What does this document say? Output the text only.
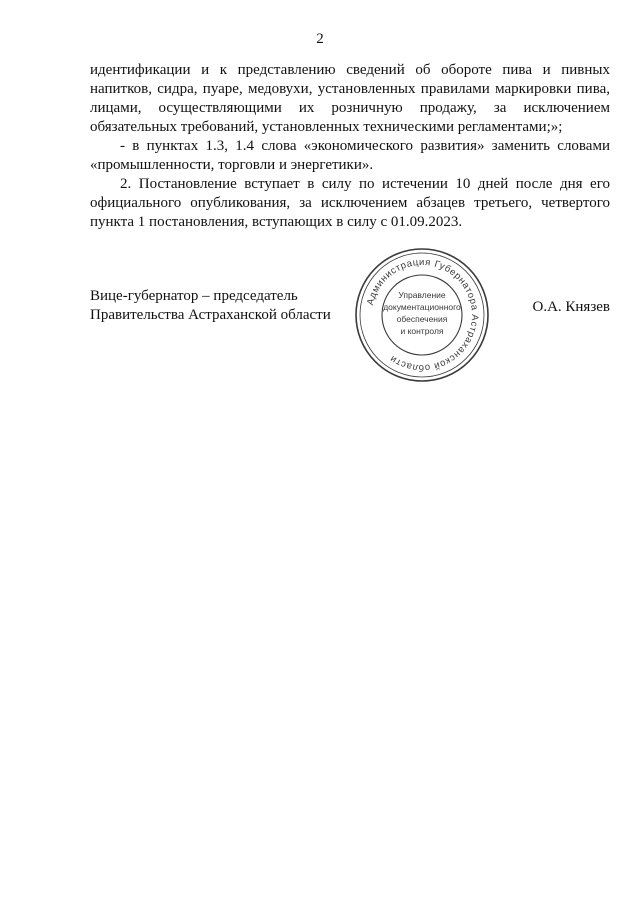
2

идентификации и к представлению сведений об обороте пива и пивных напитков, сидра, пуаре, медовухи, установленных правилами маркировки пива, лицами, осуществляющими их розничную продажу, за исключением обязательных требований, установленных техническими регламентами;»;

- в пунктах 1.3, 1.4 слова «экономического развития» заменить словами «промышленности, торговли и энергетики».

2. Постановление вступает в силу по истечении 10 дней после дня его официального опубликования, за исключением абзацев третьего, четвертого пункта 1 постановления, вступающих в силу с 01.09.2023.

Вице-губернатор – председатель
Правительства Астраханской области
Администрация Губернатора Астраханской области
Управление
документационного
обеспечения
и контроля
О.А. Князев
